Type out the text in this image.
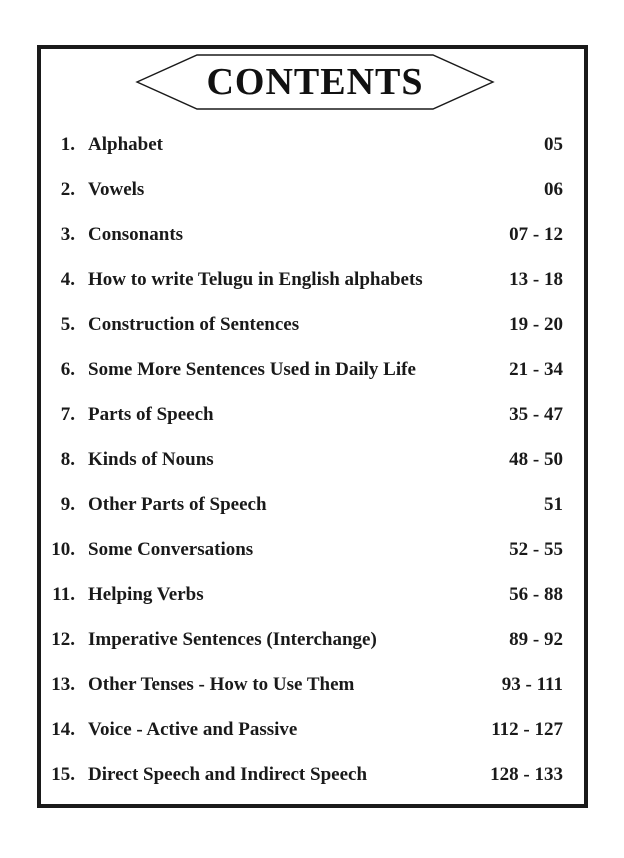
CONTENTS
1. Alphabet	05
2. Vowels	06
3. Consonants	07 - 12
4. How to write Telugu in English alphabets	13 - 18
5. Construction of Sentences	19 - 20
6. Some More Sentences Used in Daily Life	21 - 34
7. Parts of Speech	35 - 47
8. Kinds of Nouns	48 - 50
9. Other Parts of Speech	51
10. Some Conversations	52 - 55
11. Helping Verbs	56 - 88
12. Imperative Sentences (Interchange)	89 - 92
13. Other Tenses - How to Use Them	93 - 111
14. Voice - Active and Passive	112 - 127
15. Direct Speech and Indirect Speech	128 - 133
